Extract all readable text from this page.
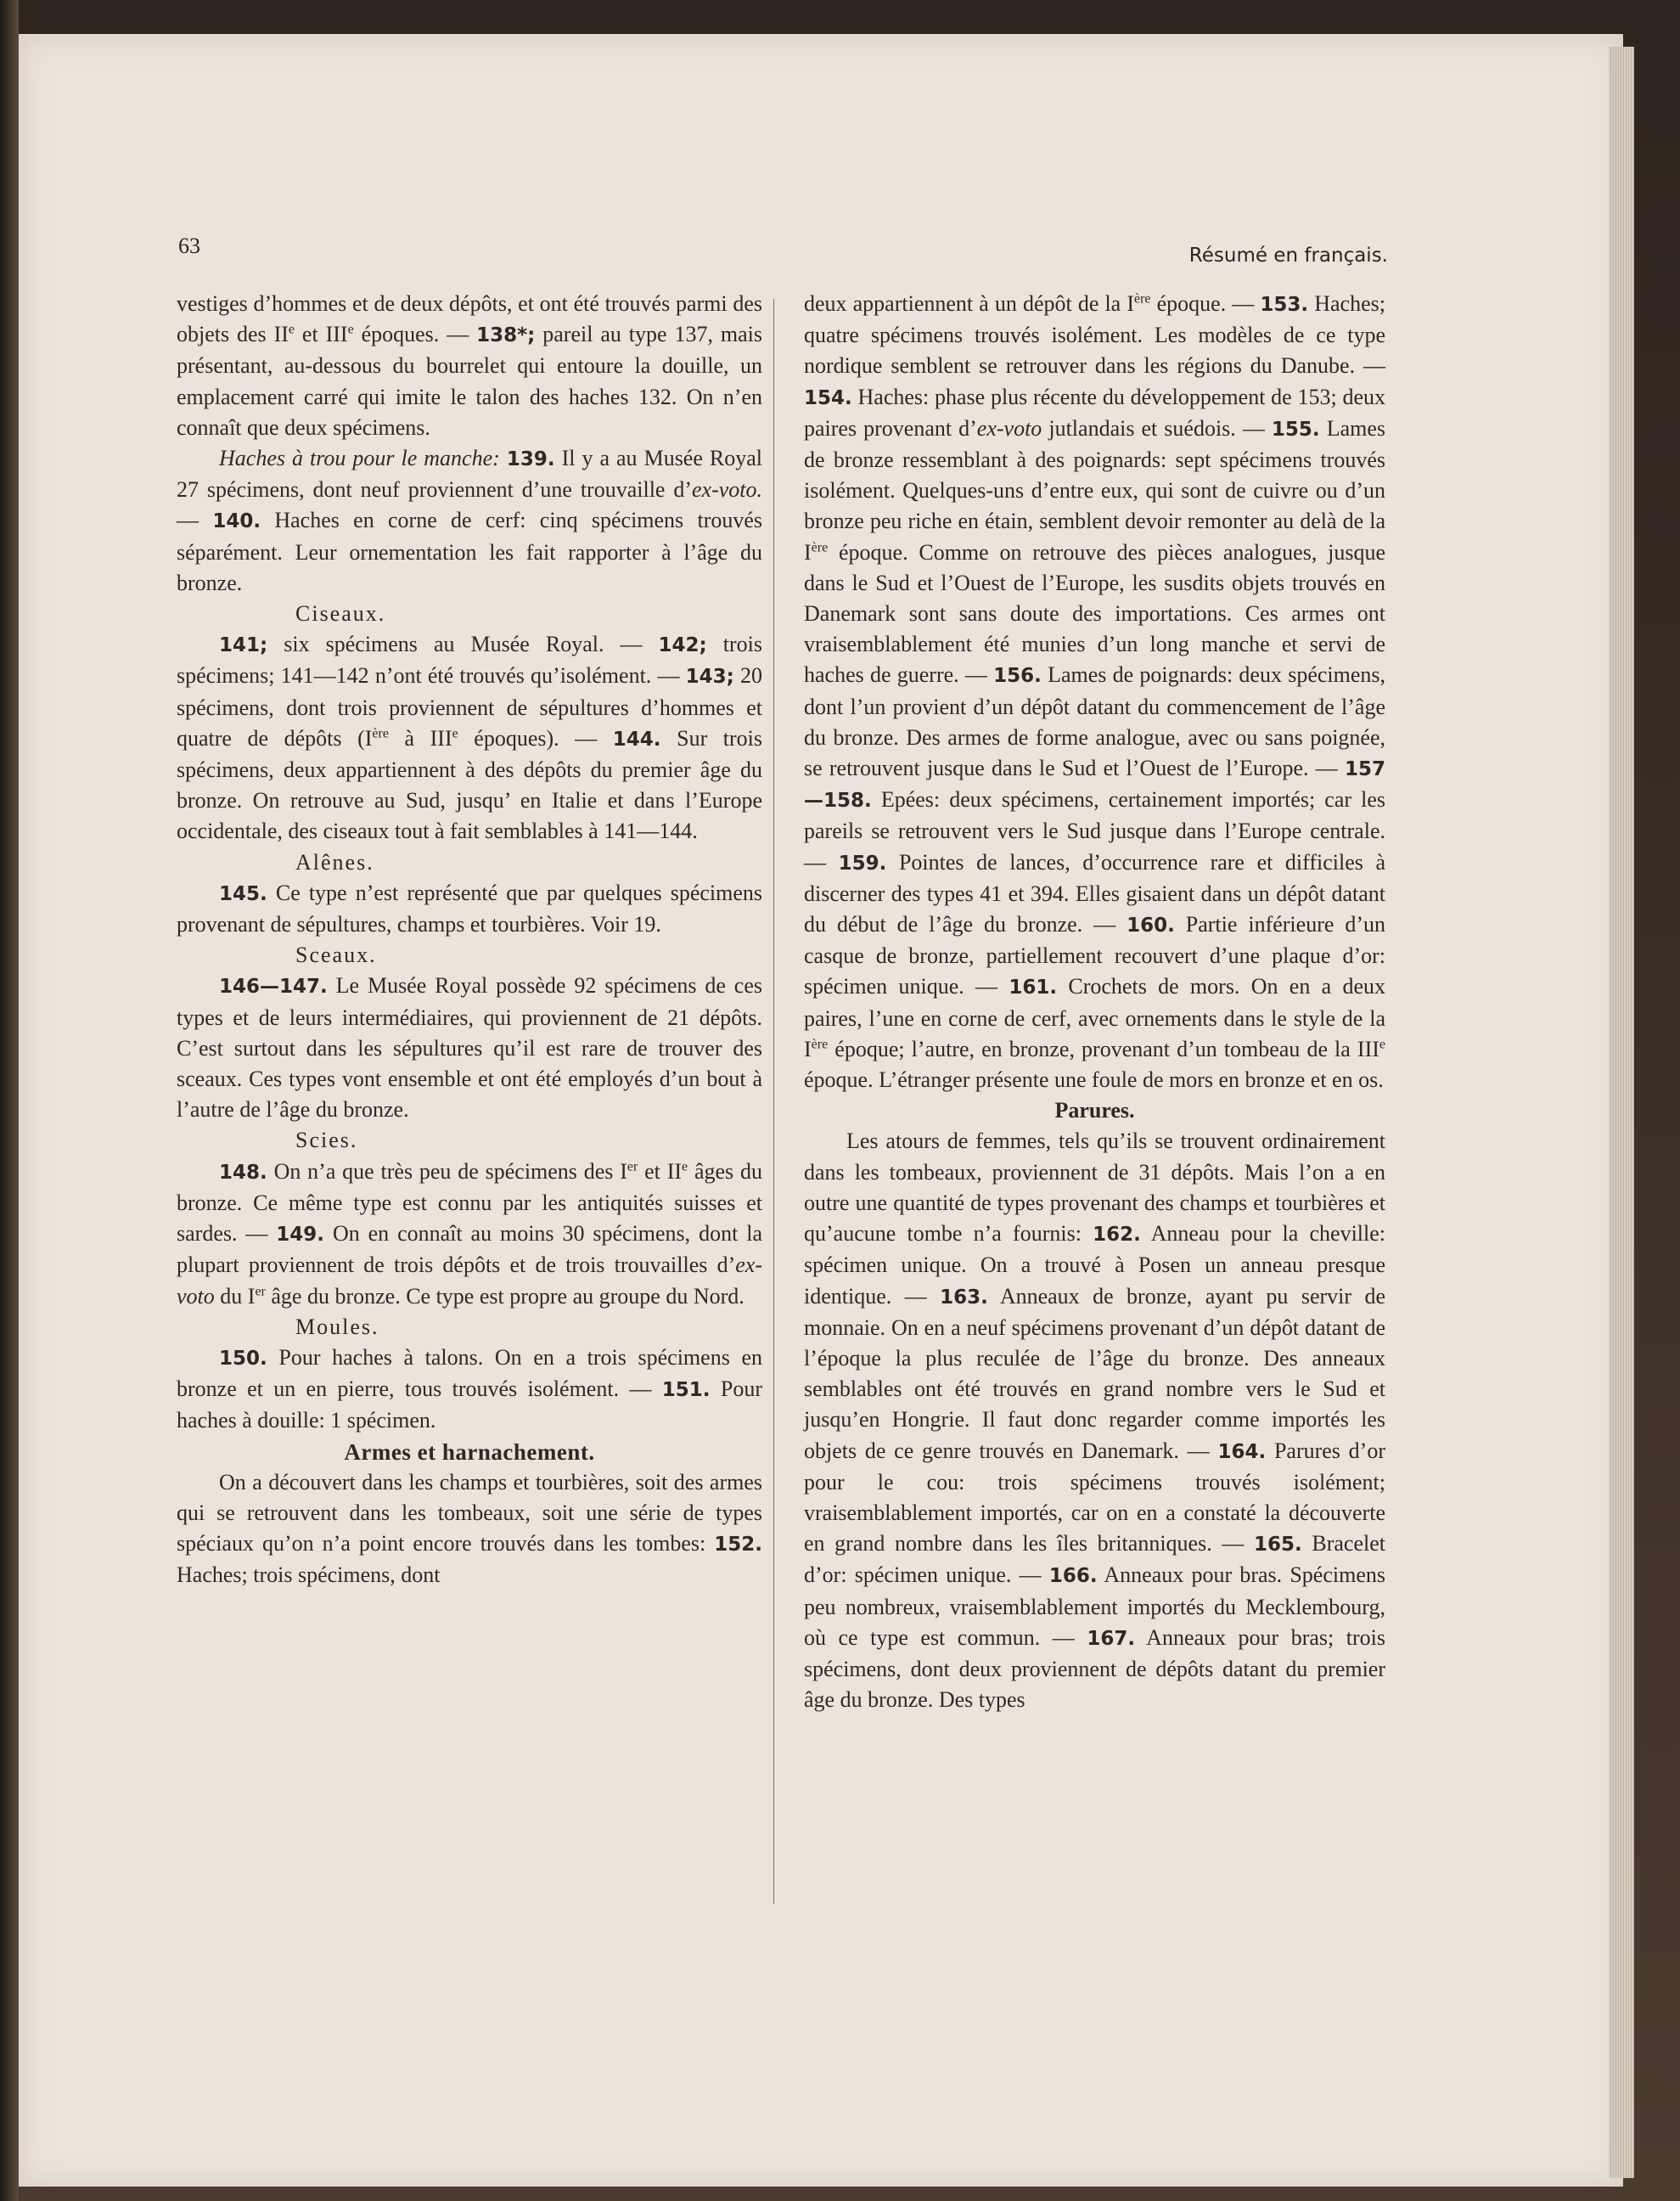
63	Résumé en français.

vestiges d’hommes et de deux dépôts, et ont été trouvés parmi des objets des IIe et IIIe époques. — 138*; pareil au type 137, mais présentant, au-dessous du bourrelet qui entoure la douille, un emplacement carré qui imite le talon des haches 132. On n’en connaît que deux spécimens.

Haches à trou pour le manche: 139. Il y a au Musée Royal 27 spécimens, dont neuf proviennent d’une trouvaille d’ex-voto. — 140. Haches en corne de cerf: cinq spécimens trouvés séparément. Leur ornementation les fait rapporter à l’âge du bronze.

Ciseaux.

141; six spécimens au Musée Royal. — 142; trois spécimens; 141—142 n’ont été trouvés qu’isolément. — 143; 20 spécimens, dont trois proviennent de sépultures d’hommes et quatre de dépôts (Ière à IIIe époques). — 144. Sur trois spécimens, deux appartiennent à des dépôts du premier âge du bronze. On retrouve au Sud, jusqu’ en Italie et dans l’Europe occidentale, des ciseaux tout à fait semblables à 141—144.

Alênes.

145. Ce type n’est représenté que par quelques spécimens provenant de sépultures, champs et tourbières. Voir 19.

Sceaux.

146—147. Le Musée Royal possède 92 spécimens de ces types et de leurs intermédiaires, qui proviennent de 21 dépôts. C’est surtout dans les sépultures qu’il est rare de trouver des sceaux. Ces types vont ensemble et ont été employés d’un bout à l’autre de l’âge du bronze.

Scies.

148. On n’a que très peu de spécimens des Ier et IIe âges du bronze. Ce même type est connu par les antiquités suisses et sardes. — 149. On en connaît au moins 30 spécimens, dont la plupart proviennent de trois dépôts et de trois trouvailles d’ex-voto du Ier âge du bronze. Ce type est propre au groupe du Nord.

Moules.

150. Pour haches à talons. On en a trois spécimens en bronze et un en pierre, tous trouvés isolément. — 151. Pour haches à douille: 1 spécimen.

Armes et harnachement.

On a découvert dans les champs et tourbières, soit des armes qui se retrouvent dans les tombeaux, soit une série de types spéciaux qu’on n’a point encore trouvés dans les tombes: 152. Haches; trois spécimens, dont

deux appartiennent à un dépôt de la Ière époque. — 153. Haches; quatre spécimens trouvés isolément. Les modèles de ce type nordique semblent se retrouver dans les régions du Danube. — 154. Haches: phase plus récente du développement de 153; deux paires provenant d’ex-voto jutlandais et suédois. — 155. Lames de bronze ressemblant à des poignards: sept spécimens trouvés isolément. Quelques-uns d’entre eux, qui sont de cuivre ou d’un bronze peu riche en étain, semblent devoir remonter au delà de la Ière époque. Comme on retrouve des pièces analogues, jusque dans le Sud et l’Ouest de l’Europe, les susdits objets trouvés en Danemark sont sans doute des importations. Ces armes ont vraisemblablement été munies d’un long manche et servi de haches de guerre. — 156. Lames de poignards: deux spécimens, dont l’un provient d’un dépôt datant du commencement de l’âge du bronze. Des armes de forme analogue, avec ou sans poignée, se retrouvent jusque dans le Sud et l’Ouest de l’Europe. — 157—158. Epées: deux spécimens, certainement importés; car les pareils se retrouvent vers le Sud jusque dans l’Europe centrale. — 159. Pointes de lances, d’occurrence rare et difficiles à discerner des types 41 et 394. Elles gisaient dans un dépôt datant du début de l’âge du bronze. — 160. Partie inférieure d’un casque de bronze, partiellement recouvert d’une plaque d’or: spécimen unique. — 161. Crochets de mors. On en a deux paires, l’une en corne de cerf, avec ornements dans le style de la Ière époque; l’autre, en bronze, provenant d’un tombeau de la IIIe époque. L’étranger présente une foule de mors en bronze et en os.

Parures.

Les atours de femmes, tels qu’ils se trouvent ordinairement dans les tombeaux, proviennent de 31 dépôts. Mais l’on a en outre une quantité de types provenant des champs et tourbières et qu’aucune tombe n’a fournis: 162. Anneau pour la cheville: spécimen unique. On a trouvé à Posen un anneau presque identique. — 163. Anneaux de bronze, ayant pu servir de monnaie. On en a neuf spécimens provenant d’un dépôt datant de l’époque la plus reculée de l’âge du bronze. Des anneaux semblables ont été trouvés en grand nombre vers le Sud et jusqu’en Hongrie. Il faut donc regarder comme importés les objets de ce genre trouvés en Danemark. — 164. Parures d’or pour le cou: trois spécimens trouvés isolément; vraisemblablement importés, car on en a constaté la découverte en grand nombre dans les îles britanniques. — 165. Bracelet d’or: spécimen unique. — 166. Anneaux pour bras. Spécimens peu nombreux, vraisemblablement importés du Mecklembourg, où ce type est commun. — 167. Anneaux pour bras; trois spécimens, dont deux proviennent de dépôts datant du premier âge du bronze. Des types
